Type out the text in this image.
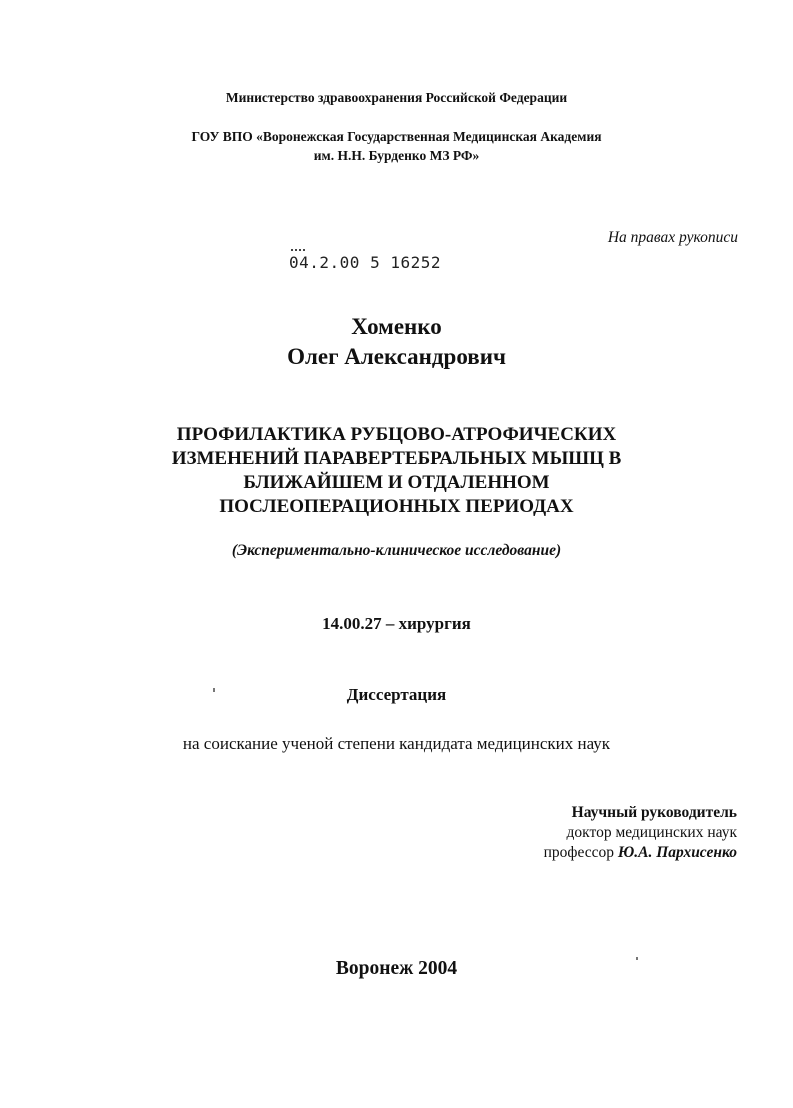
Министерство здравоохранения Российской Федерации

ГОУ ВПО «Воронежская Государственная Медицинская Академия
им. Н.Н. Бурденко МЗ РФ»

На правах рукописи

04.2.00 5 16252

Хоменко

Олег Александрович

ПРОФИЛАКТИКА РУБЦОВО-АТРОФИЧЕСКИХ
ИЗМЕНЕНИЙ ПАРАВЕРТЕБРАЛЬНЫХ МЫШЦ В
БЛИЖАЙШЕМ И ОТДАЛЕННОМ
ПОСЛЕОПЕРАЦИОННЫХ ПЕРИОДАХ

(Экспериментально-клиническое исследование)

14.00.27 – хирургия

Диссертация

на соискание ученой степени кандидата медицинских наук

Научный руководитель
доктор медицинских наук
профессор Ю.А. Пархисенко

Воронеж 2004
